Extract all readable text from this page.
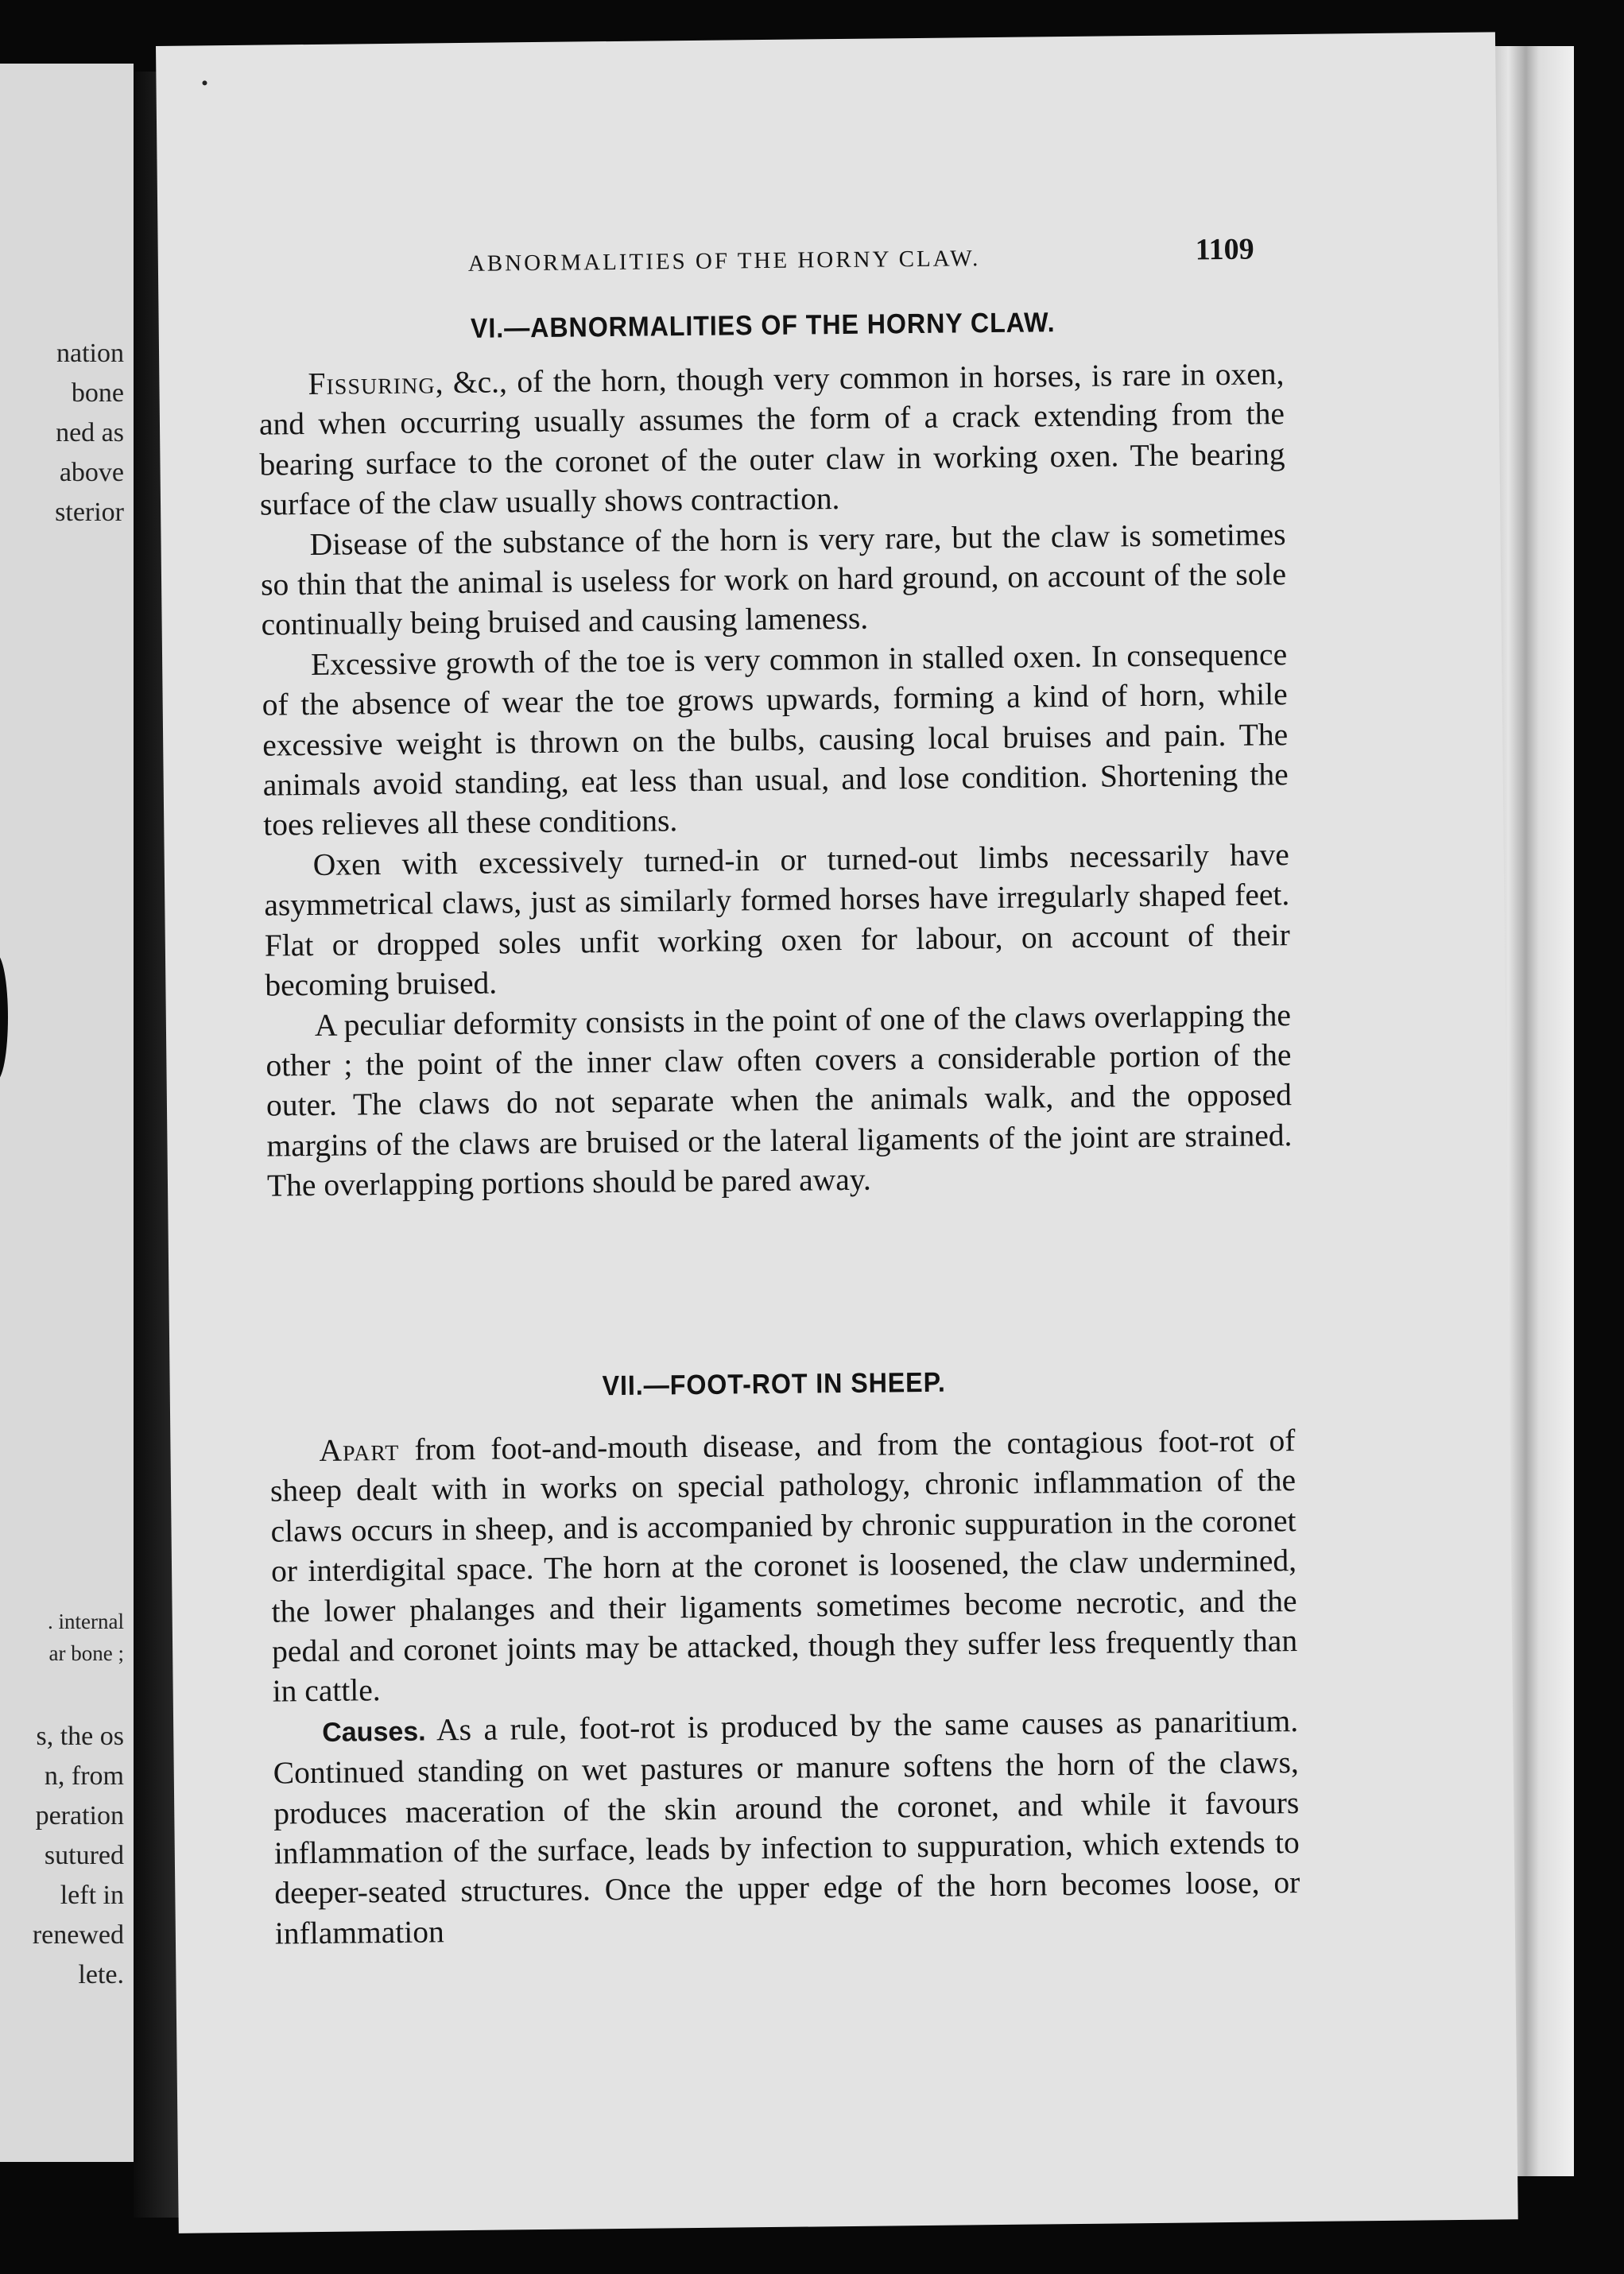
nation
bone
ned as
above
sterior
. internal
ar bone ;
s, the os
n, from
peration
sutured
left in
renewed
lete.
ABNORMALITIES OF THE HORNY CLAW.	1109
VI.—ABNORMALITIES OF THE HORNY CLAW.

Fissuring, &c., of the horn, though very common in horses, is rare in oxen, and when occurring usually assumes the form of a crack extending from the bearing surface to the coronet of the outer claw in working oxen. The bearing surface of the claw usually shows contraction.

Disease of the substance of the horn is very rare, but the claw is sometimes so thin that the animal is useless for work on hard ground, on account of the sole continually being bruised and causing lameness.

Excessive growth of the toe is very common in stalled oxen. In consequence of the absence of wear the toe grows upwards, forming a kind of horn, while excessive weight is thrown on the bulbs, causing local bruises and pain. The animals avoid standing, eat less than usual, and lose condition. Shortening the toes relieves all these conditions.

Oxen with excessively turned-in or turned-out limbs necessarily have asymmetrical claws, just as similarly formed horses have irregularly shaped feet. Flat or dropped soles unfit working oxen for labour, on account of their becoming bruised.

A peculiar deformity consists in the point of one of the claws overlapping the other ; the point of the inner claw often covers a considerable portion of the outer. The claws do not separate when the animals walk, and the opposed margins of the claws are bruised or the lateral ligaments of the joint are strained. The overlapping portions should be pared away.

VII.—FOOT-ROT IN SHEEP.

Apart from foot-and-mouth disease, and from the contagious foot-rot of sheep dealt with in works on special pathology, chronic inflammation of the claws occurs in sheep, and is accompanied by chronic suppuration in the coronet or interdigital space. The horn at the coronet is loosened, the claw undermined, the lower phalanges and their ligaments sometimes become necrotic, and the pedal and coronet joints may be attacked, though they suffer less frequently than in cattle.

Causes. As a rule, foot-rot is produced by the same causes as panaritium. Continued standing on wet pastures or manure softens the horn of the claws, produces maceration of the skin around the coronet, and while it favours inflammation of the surface, leads by infection to suppuration, which extends to deeper-seated structures. Once the upper edge of the horn becomes loose, or inflammation
